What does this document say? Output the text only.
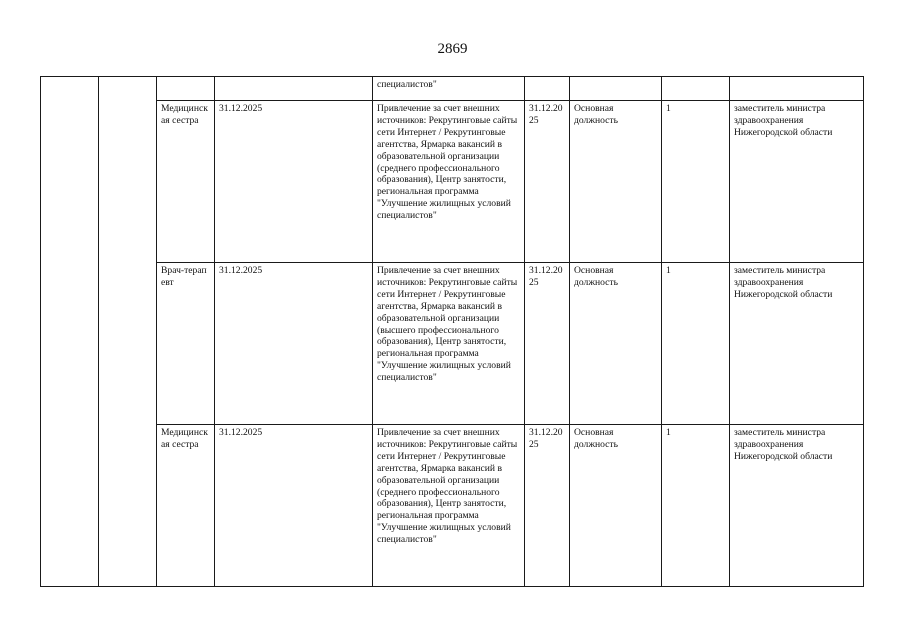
2869
				специалистов"				
		Медицинская сестра	31.12.2025	Привлечение за счет внешних источников: Рекрутинговые сайты сети Интернет / Рекрутинговые агентства, Ярмарка вакансий в образовательной организации (среднего профессионального образования), Центр занятости, региональная программа "Улучшение жилищных условий специалистов"	31.12.2025	Основная должность	1	заместитель министра здравоохранения Нижегородской области
		Врач-терапевт	31.12.2025	Привлечение за счет внешних источников: Рекрутинговые сайты сети Интернет / Рекрутинговые агентства, Ярмарка вакансий в образовательной организации (высшего профессионального образования), Центр занятости, региональная программа "Улучшение жилищных условий специалистов"	31.12.2025	Основная должность	1	заместитель министра здравоохранения Нижегородской области
		Медицинская сестра	31.12.2025	Привлечение за счет внешних источников: Рекрутинговые сайты сети Интернет / Рекрутинговые агентства, Ярмарка вакансий в образовательной организации (среднего профессионального образования), Центр занятости, региональная программа "Улучшение жилищных условий специалистов"	31.12.2025	Основная должность	1	заместитель министра здравоохранения Нижегородской области
